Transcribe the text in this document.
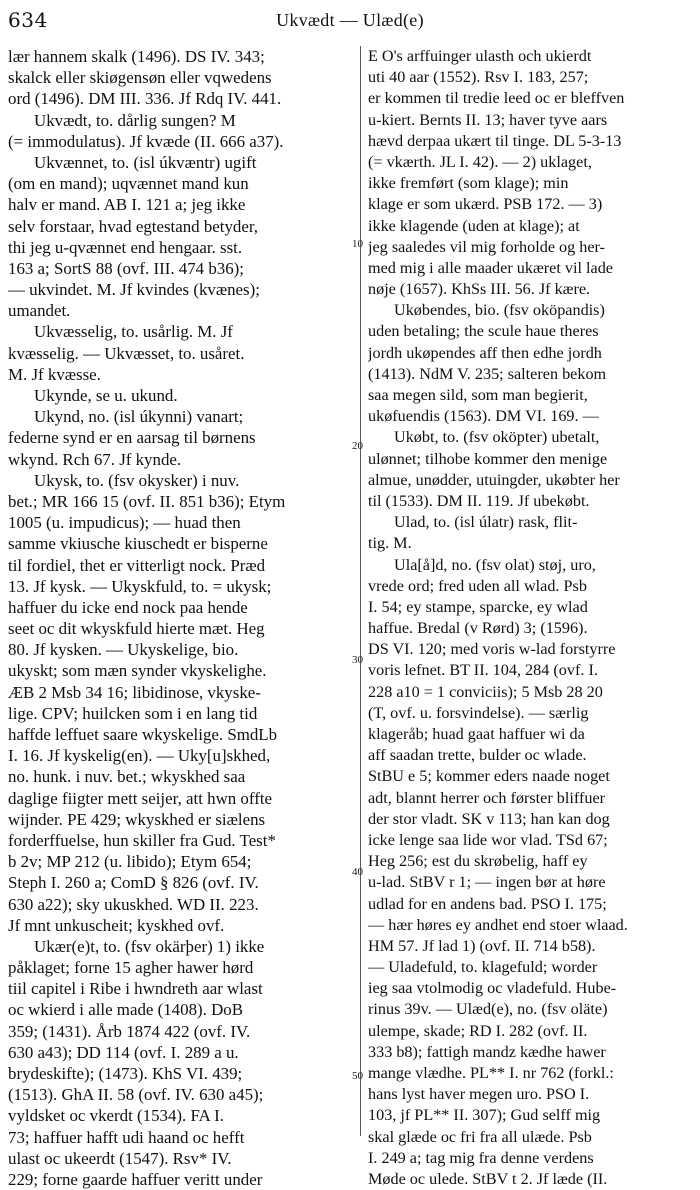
634	Ukvædt — Ulæd(e)
lær hannem skalk (1496). DS IV. 343;
skalck eller skiøgensøn eller vqwedens
ord (1496). DM III. 336. Jf Rdq IV. 441.
Ukvædt, to. dårlig sungen? M
(= immodulatus). Jf kvæde (II. 666 a37).
Ukvænnet, to. (isl úkvæntr) ugift
(om en mand); uqvænnet mand kun
halv er mand. AB I. 121 a; jeg ikke
selv forstaar, hvad egtestand betyder,
thi jeg u-qvænnet end hengaar. sst.
163 a; SortS 88 (ovf. III. 474 b36);
— ukvindet. M. Jf kvindes (kvænes);
umandet.
Ukvæsselig, to. usårlig. M. Jf
kvæsselig. — Ukvæsset, to. usåret.
M. Jf kvæsse.
Ukynde, se u. ukund.
Ukynd, no. (isl úkynni) vanart;
federne synd er en aarsag til børnens
wkynd. Rch 67. Jf kynde.
Ukysk, to. (fsv okysker) i nuv.
bet.; MR 166 15 (ovf. II. 851 b36); Etym
1005 (u. impudicus); — huad then
samme vkiusche kiuschedt er bisperne
til fordiel, thet er vitterligt nock. Præd
13. Jf kysk. — Ukyskfuld, to. = ukysk;
haffuer du icke end nock paa hende
seet oc dit wkyskfuld hierte mæt. Heg
80. Jf kysken. — Ukyskelige, bio.
ukyskt; som mæn synder vkyskelighe.
ÆB 2 Msb 34 16; libidinose, vkyske-
lige. CPV; huilcken som i en lang tid
haffde leffuet saare wkyskelige. SmdLb
I. 16. Jf kyskelig(en). — Uky[u]skhed,
no. hunk. i nuv. bet.; wkyskhed saa
daglige fiigter mett seijer, att hwn offte
wijnder. PE 429; wkyskhed er siælens
forderffuelse, hun skiller fra Gud. Test*
b 2v; MP 212 (u. libido); Etym 654;
Steph I. 260 a; ComD § 826 (ovf. IV.
630 a22); sky ukuskhed. WD II. 223.
Jf mnt unkuscheit; kyskhed ovf.
Ukær(e)t, to. (fsv okärþer) 1) ikke
påklaget; forne 15 agher hawer hørd
tiil capitel i Ribe i hwndreth aar wlast
oc wkierd i alle made (1408). DoB
359; (1431). Årb 1874 422 (ovf. IV.
630 a43); DD 114 (ovf. I. 289 a u.
brydeskifte); (1473). KhS VI. 439;
(1513). GhA II. 58 (ovf. IV. 630 a45);
vyldsket oc vkerdt (1534). FA I.
73; haffuer hafft udi haand oc hefft
ulast oc ukeerdt (1547). Rsv* IV.
229; forne gaarde haffuer veritt under
10
20
30
40
50
E O's arffuinger ulasth och ukierdt
uti 40 aar (1552). Rsv I. 183, 257;
er kommen til tredie leed oc er bleffven
u-kiert. Bernts II. 13; haver tyve aars
hævd derpaa ukært til tinge. DL 5-3-13
(= vkærth. JL I. 42). — 2) uklaget,
ikke fremført (som klage); min
klage er som ukærd. PSB 172. — 3)
ikke klagende (uden at klage); at
jeg saaledes vil mig forholde og her-
med mig i alle maader ukæret vil lade
nøje (1657). KhSs III. 56. Jf kære.
Ukøbendes, bio. (fsv oköpandis)
uden betaling; the scule haue theres
jordh ukøpendes aff then edhe jordh
(1413). NdM V. 235; salteren bekom
saa megen sild, som man begierit,
ukøfuendis (1563). DM VI. 169. —
Ukøbt, to. (fsv oköpter) ubetalt,
ulønnet; tilhobe kommer den menige
almue, unødder, utuingder, ukøbter her
til (1533). DM II. 119. Jf ubekøbt.
Ulad, to. (isl úlatr) rask, flit-
tig. M.
Ula[å]d, no. (fsv olat) støj, uro,
vrede ord; fred uden all wlad. Psb
I. 54; ey stampe, sparcke, ey wlad
haffue. Bredal (v Rørd) 3; (1596).
DS VI. 120; med voris w-lad forstyrre
voris lefnet. BT II. 104, 284 (ovf. I.
228 a10 = 1 conviciis); 5 Msb 28 20
(T, ovf. u. forsvindelse). — særlig
klageråb; huad gaat haffuer wi da
aff saadan trette, bulder oc wlade.
StBU e 5; kommer eders naade noget
adt, blannt herrer och førster bliffuer
der stor vladt. SK v 113; han kan dog
icke lenge saa lide wor vlad. TSd 67;
Heg 256; est du skrøbelig, haff ey
u-lad. StBV r 1; — ingen bør at høre
udlad for en andens bad. PSO I. 175;
— hær høres ey andhet end stoer wlaad.
HM 57. Jf lad 1) (ovf. II. 714 b58).
— Uladefuld, to. klagefuld; worder
ieg saa vtolmodig oc vladefuld. Hube-
rinus 39v. — Ulæd(e), no. (fsv oläte)
ulempe, skade; RD I. 282 (ovf. II.
333 b8); fattigh mandz kædhe hawer
mange vlædhe. PL** I. nr 762 (forkl.:
hans lyst haver megen uro. PSO I.
103, jf PL** II. 307); Gud selff mig
skal glæde oc fri fra all ulæde. Psb
I. 249 a; tag mig fra denne verdens
Møde oc ulede. StBV t 2. Jf læde (II.
